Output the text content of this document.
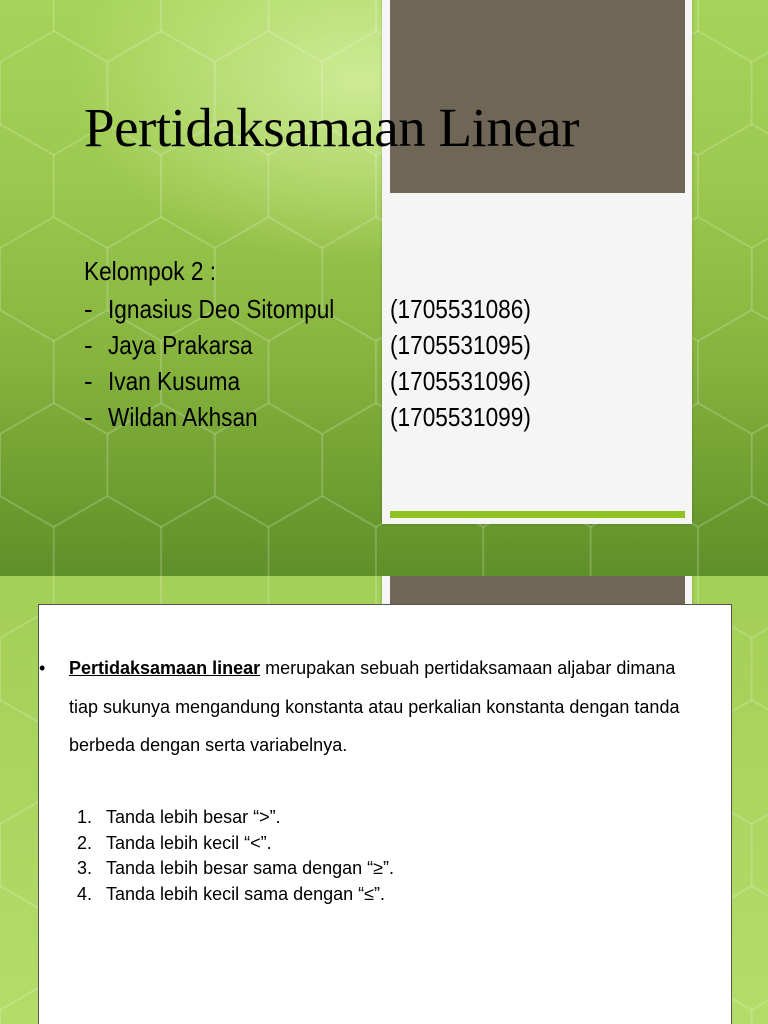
Pertidaksamaan Linear
Kelompok 2 :
- Ignasius Deo Sitompul (1705531086)
- Jaya Prakarsa	(1705531095)
- Ivan Kusuma	(1705531096)
- Wildan Akhsan	(1705531099)
• Pertidaksamaan linear merupakan sebuah pertidaksamaan aljabar dimana tiap sukunya mengandung konstanta atau perkalian konstanta dengan tanda berbeda dengan serta variabelnya.
1. Tanda lebih besar “>”.
2. Tanda lebih kecil “<”.
3. Tanda lebih besar sama dengan “≥”.
4. Tanda lebih kecil sama dengan “≤”.
